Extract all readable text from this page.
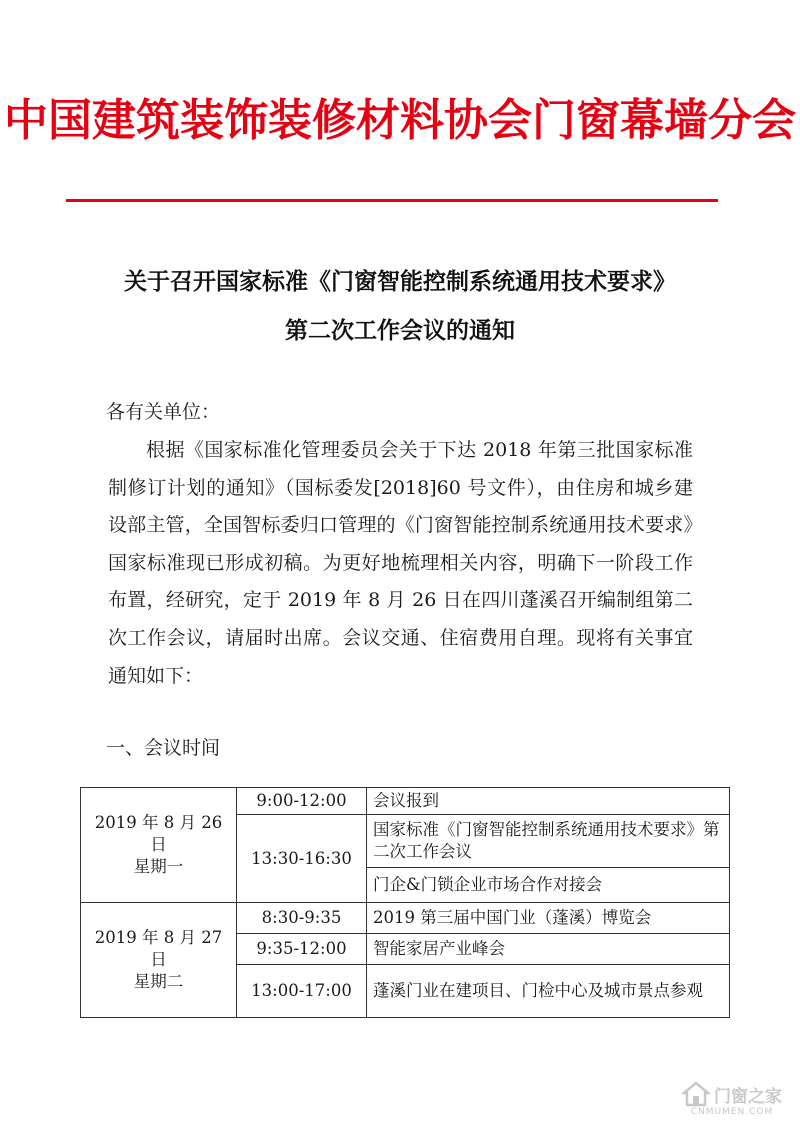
中国建筑装饰装修材料协会门窗幕墙分会
关于召开国家标准《门窗智能控制系统通用技术要求》
第二次工作会议的通知
各有关单位：
根据《国家标准化管理委员会关于下达 2018 年第三批国家标准制修订计划的通知》（国标委发[2018]60 号文件），由住房和城乡建设部主管，全国智标委归口管理的《门窗智能控制系统通用技术要求》国家标准现已形成初稿。为更好地梳理相关内容，明确下一阶段工作布置，经研究，定于 2019 年 8 月 26 日在四川蓬溪召开编制组第二次工作会议，请届时出席。会议交通、住宿费用自理。现将有关事宜通知如下：
一、会议时间
2019 年 8 月 26 日
星期一	9:00-12:00	会议报到
	13:30-16:30	国家标准《门窗智能控制系统通用技术要求》第二次工作会议
		门企&门锁企业市场合作对接会

2019 年 8 月 27 日
星期二	8:30-9:35	2019 第三届中国门业（蓬溪）博览会
	9:35-12:00	智能家居产业峰会
	13:00-17:00	蓬溪门业在建项目、门检中心及城市景点参观
门窗之家
CNMUMEN.COM
